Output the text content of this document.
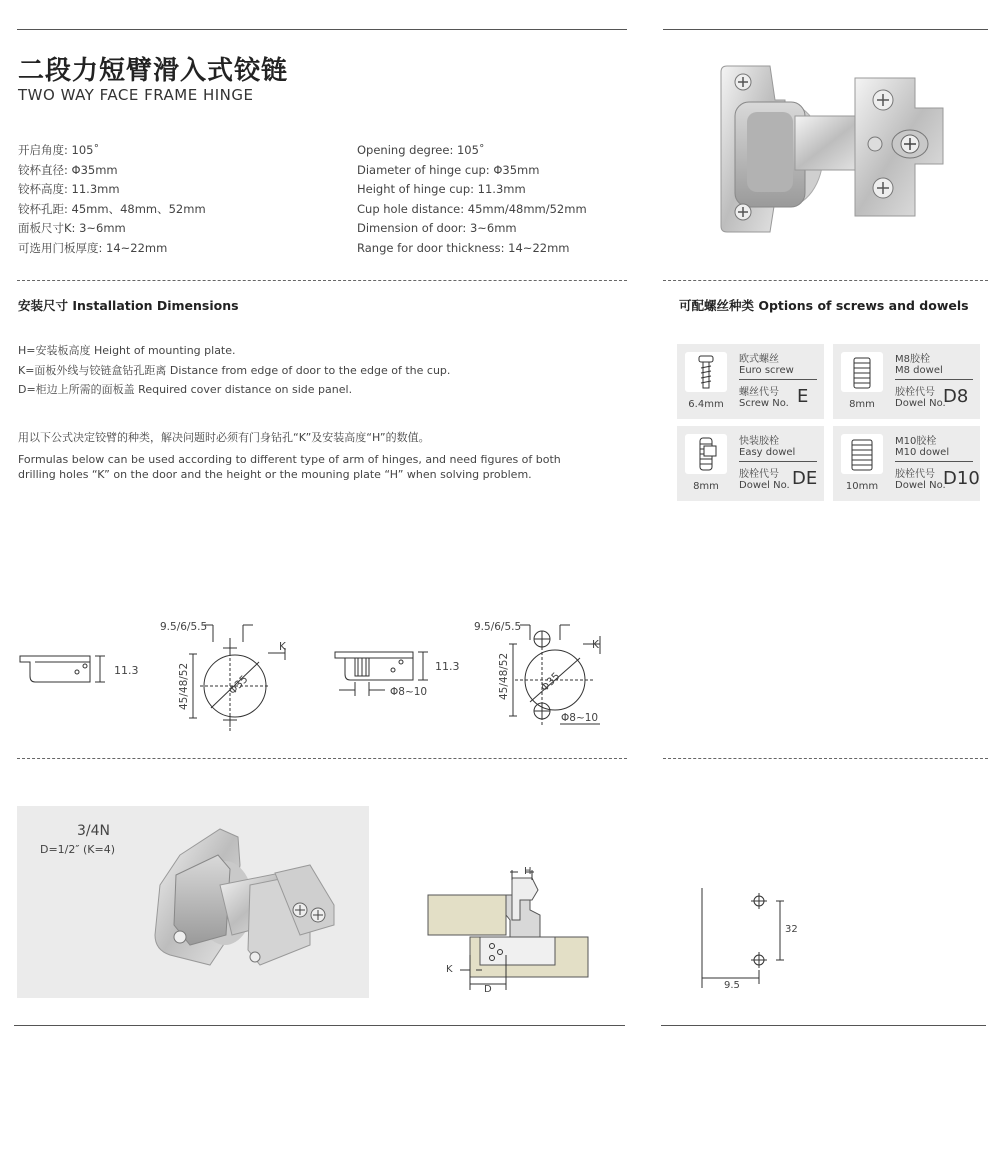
二段力短臂滑入式铰链
TWO WAY FACE FRAME HINGE
开启角度: 105˚
铰杯直径: Φ35mm
铰杯高度: 11.3mm
铰杯孔距: 45mm、48mm、52mm
面板尺寸K: 3~6mm
可选用门板厚度: 14~22mm
Opening degree: 105˚
Diameter of hinge cup: Φ35mm
Height of hinge cup: 11.3mm
Cup hole distance: 45mm/48mm/52mm
Dimension of door: 3~6mm
Range for door thickness: 14~22mm
安装尺寸 Installation Dimensions	可配螺丝种类 Options of screws and dowels
H=安装板高度 Height of mounting plate.
K=面板外线与铰链盒钻孔距离 Distance from edge of door to the edge of the cup.
D=柜边上所需的面板盖 Required cover distance on side panel.
用以下公式决定铰臂的种类，解决问题时必须有门身钻孔“K”及安装高度“H”的数值。
Formulas below can be used according to different type of arm of hinges, and need figures of both
drilling holes “K” on the door and the height or the mouning plate “H” when solving problem.
6.4mm
欧式螺丝
Euro screw
螺丝代号
Screw No. E	8mm
M8胶栓
M8 dowel
胶栓代号
Dowel No.
D8
8mm
快装胶栓
Easy dowel
胶栓代号
Dowel No. DE	10mm
M10胶栓
M10 dowel
胶栓代号
Dowel No.
D10
11.3
9.5/6/5.5
K
45/48/52	Φ35
11.3
Φ8~10
9.5/6/5.5
K
45/48/52	Φ35
Φ8~10
3/4N
D=1/2″ (K=4)
H
K
D
32
9.5
